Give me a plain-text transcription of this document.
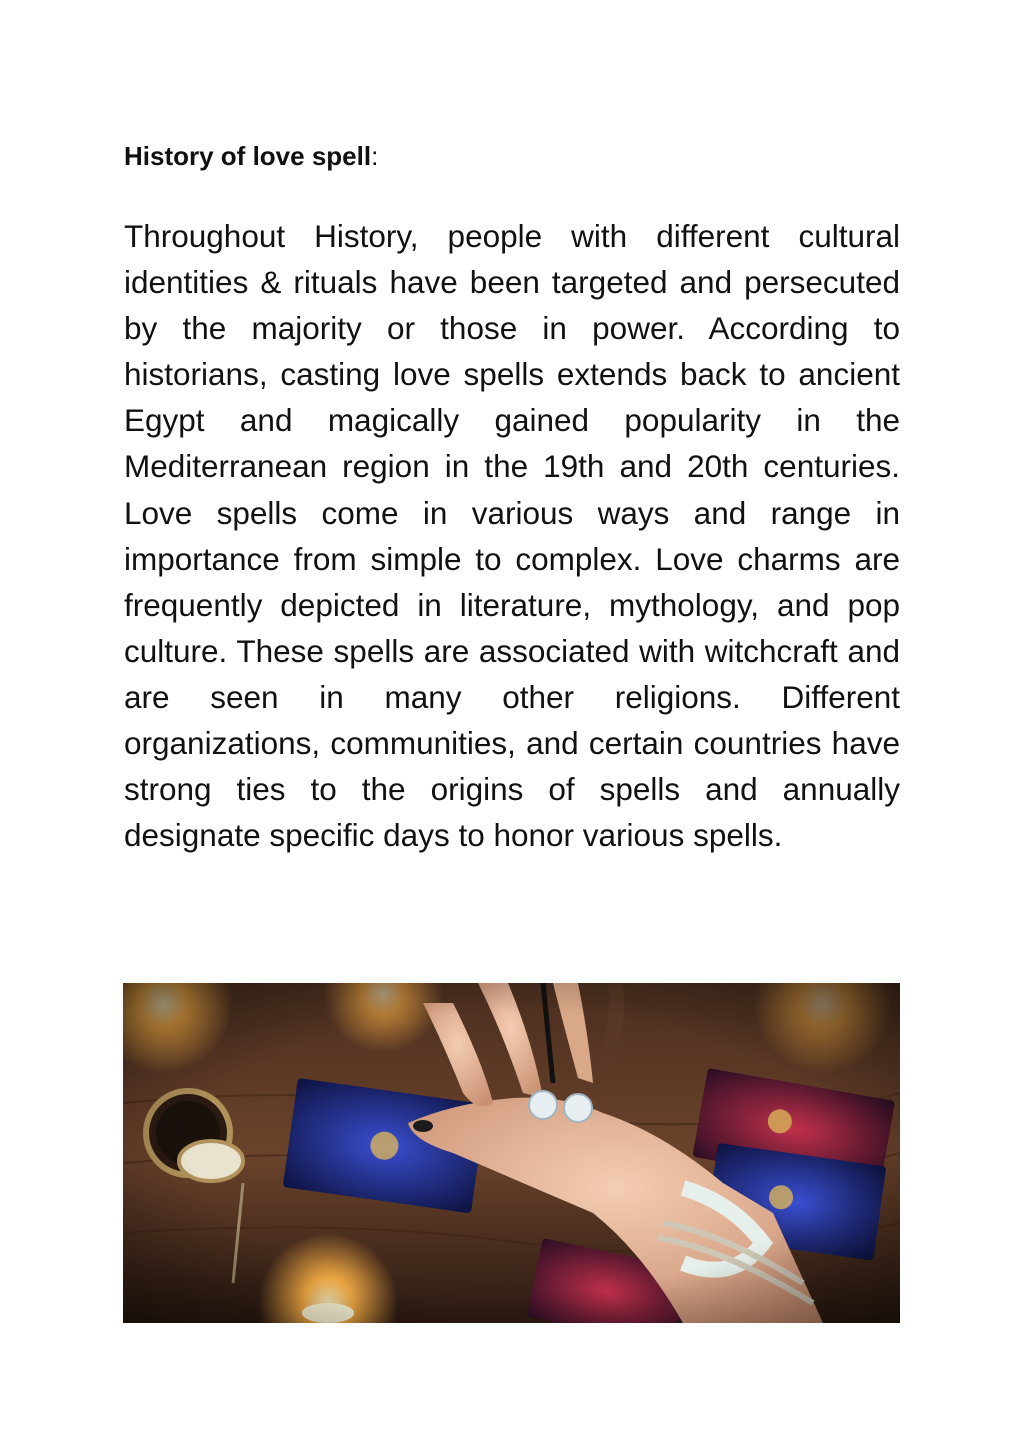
History of love spell:

Throughout History, people with different cultural identities & rituals have been targeted and persecuted by the majority or those in power. According to historians, casting love spells extends back to ancient Egypt and magically gained popularity in the Mediterranean region in the 19th and 20th centuries. Love spells come in various ways and range in importance from simple to complex. Love charms are frequently depicted in literature, mythology, and pop culture. These spells are associated with witchcraft and are seen in many other religions. Different organizations, communities, and certain countries have strong ties to the origins of spells and annually designate specific days to honor various spells.
